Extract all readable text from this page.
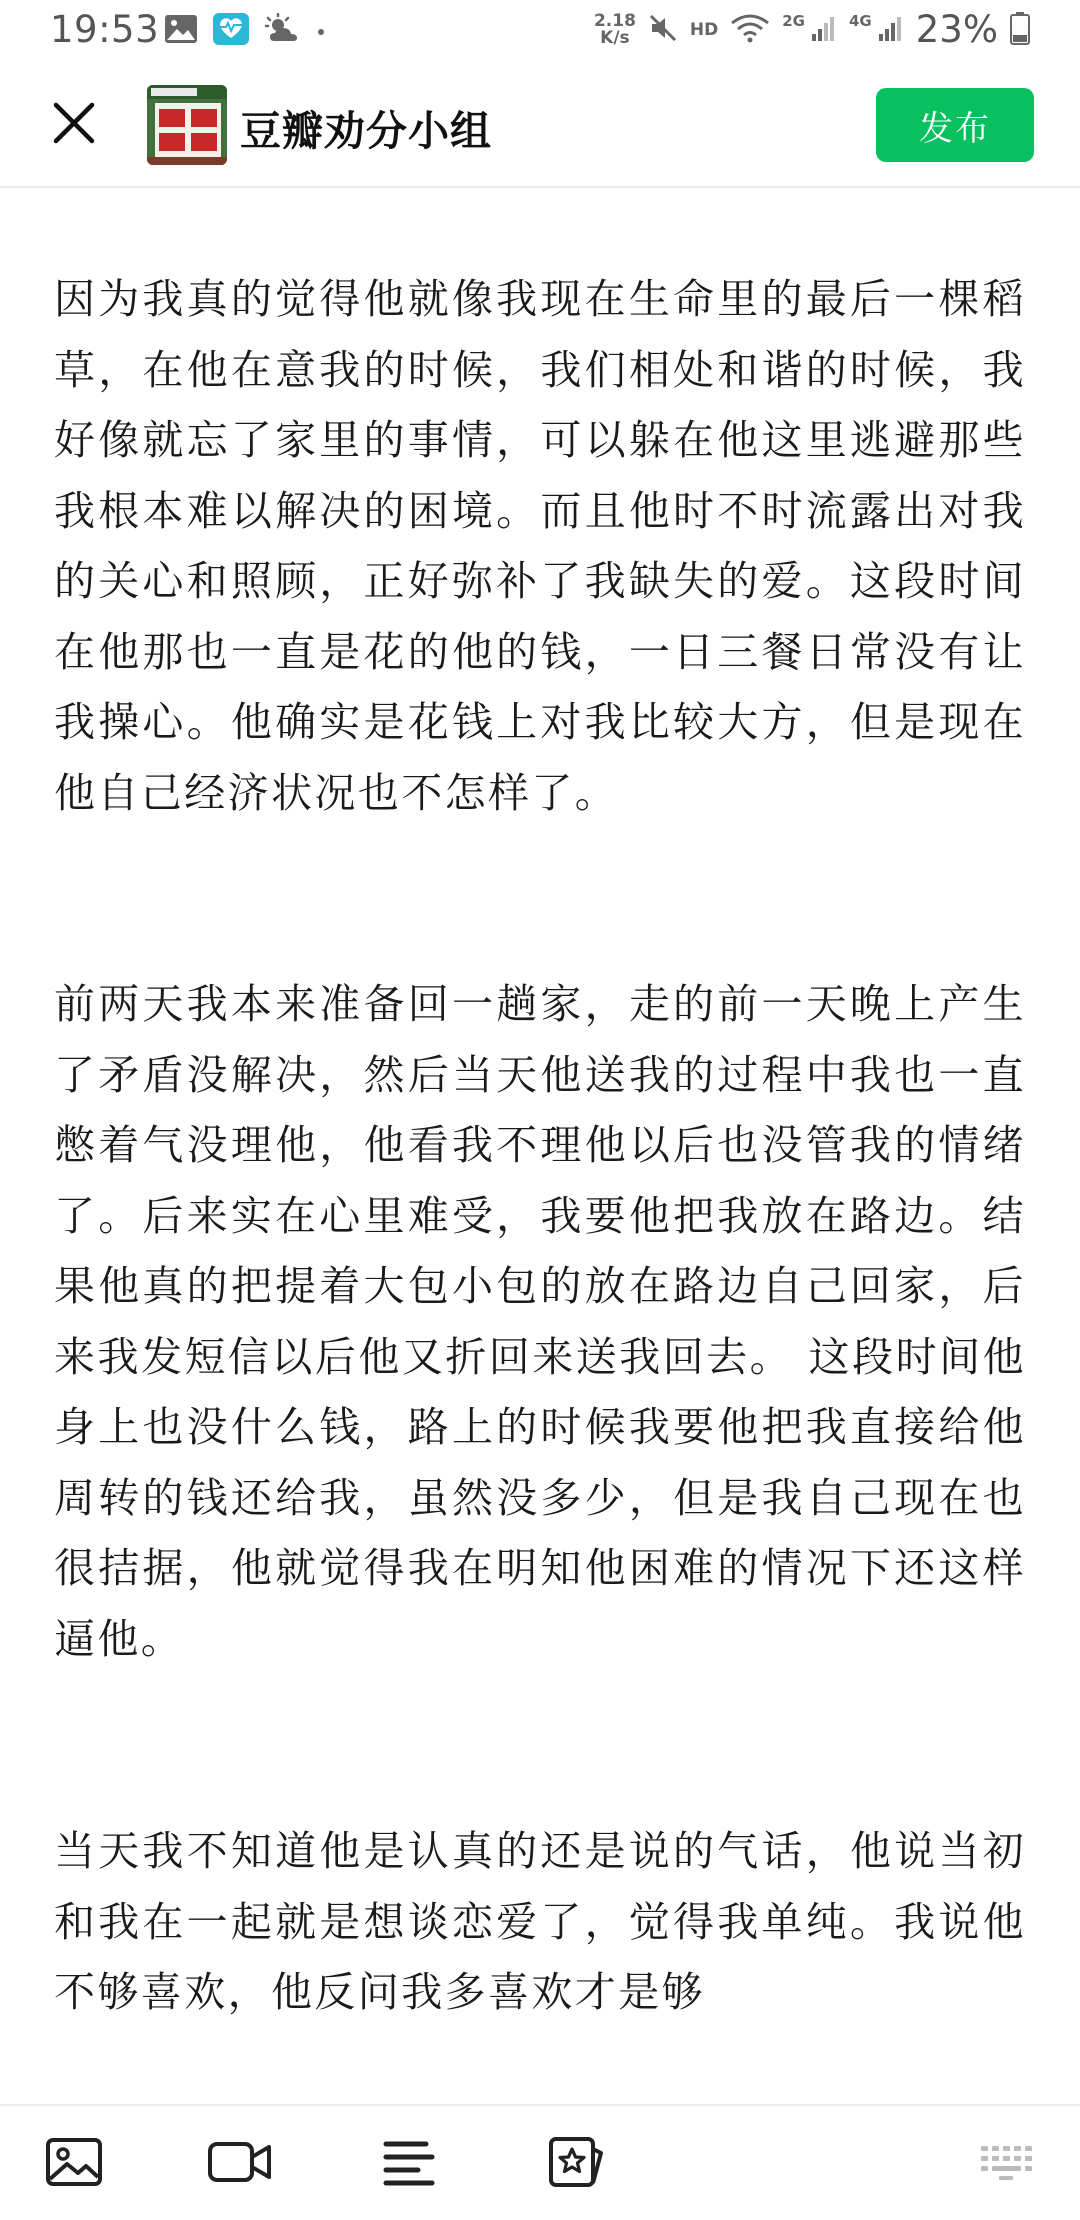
19:53	2.18
K/s	HD	2G	4G 23%
豆瓣劝分小组	发布

因为我真的觉得他就像我现在生命里的最后一棵稻草，在他在意我的时候，我们相处和谐的时候，我好像就忘了家里的事情，可以躲在他这里逃避那些我根本难以解决的困境。而且他时不时流露出对我的关心和照顾，正好弥补了我缺失的爱。这段时间在他那也一直是花的他的钱，一日三餐日常没有让我操心。他确实是花钱上对我比较大方，但是现在他自己经济状况也不怎样了。

前两天我本来准备回一趟家，走的前一天晚上产生了矛盾没解决，然后当天他送我的过程中我也一直憋着气没理他，他看我不理他以后也没管我的情绪了。后来实在心里难受，我要他把我放在路边。结果他真的把提着大包小包的放在路边自己回家，后来我发短信以后他又折回来送我回去。 这段时间他身上也没什么钱，路上的时候我要他把我直接给他周转的钱还给我，虽然没多少，但是我自己现在也很拮据，他就觉得我在明知他困难的情况下还这样逼他。

当天我不知道他是认真的还是说的气话，他说当初和我在一起就是想谈恋爱了，觉得我单纯。我说他不够喜欢，他反问我多喜欢才是够
